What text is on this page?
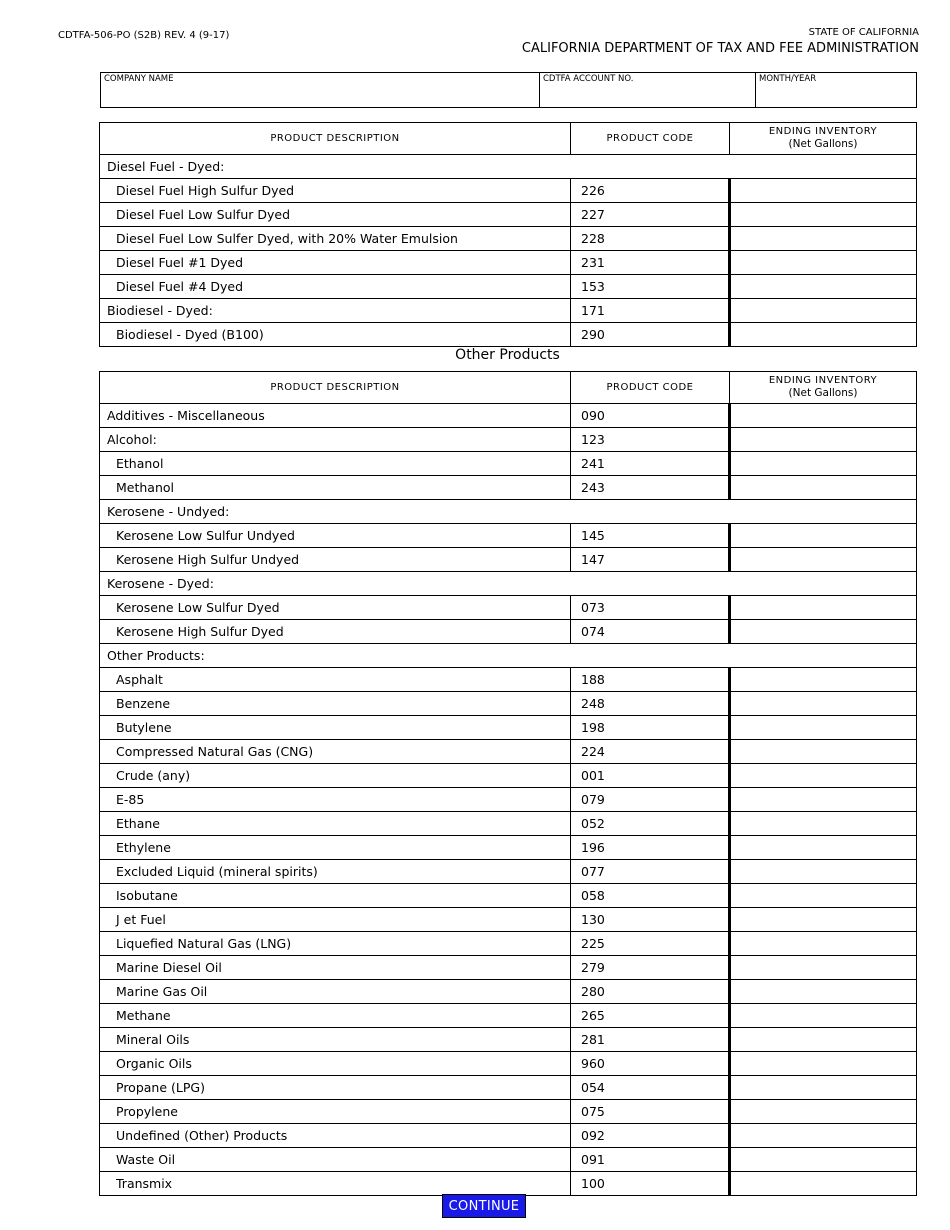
CDTFA-506-PO (S2B) REV. 4 (9-17)	STATE OF CALIFORNIA
CALIFORNIA DEPARTMENT OF TAX AND FEE ADMINISTRATION
COMPANY NAME	CDTFA ACCOUNT NO.	MONTH/YEAR
PRODUCT DESCRIPTION	PRODUCT CODE	ENDING INVENTORY
(Net Gallons)
Diesel Fuel - Dyed:		
Diesel Fuel High Sulfur Dyed	226	
Diesel Fuel Low Sulfur Dyed	227	
Diesel Fuel Low Sulfer Dyed, with 20% Water Emulsion	228	
Diesel Fuel #1 Dyed	231	
Diesel Fuel #4 Dyed	153	
Biodiesel - Dyed:	171	
Biodiesel - Dyed (B100)	290	
Other Products
PRODUCT DESCRIPTION	PRODUCT CODE	ENDING INVENTORY
(Net Gallons)
Additives - Miscellaneous	090	
Alcohol:	123	
Ethanol	241	
Methanol	243	
Kerosene - Undyed:		
Kerosene Low Sulfur Undyed	145	
Kerosene High Sulfur Undyed	147	
Kerosene - Dyed:		
Kerosene Low Sulfur Dyed	073	
Kerosene High Sulfur Dyed	074	
Other Products:		
Asphalt	188	
Benzene	248	
Butylene	198	
Compressed Natural Gas (CNG)	224	
Crude (any)	001	
E-85	079	
Ethane	052	
Ethylene	196	
Excluded Liquid (mineral spirits)	077	
Isobutane	058	
J et Fuel	130	
Liquefied Natural Gas (LNG)	225	
Marine Diesel Oil	279	
Marine Gas Oil	280	
Methane	265	
Mineral Oils	281	
Organic Oils	960	
Propane (LPG)	054	
Propylene	075	
Undefined (Other) Products	092	
Waste Oil	091	
Transmix	100	
CONTINUE
